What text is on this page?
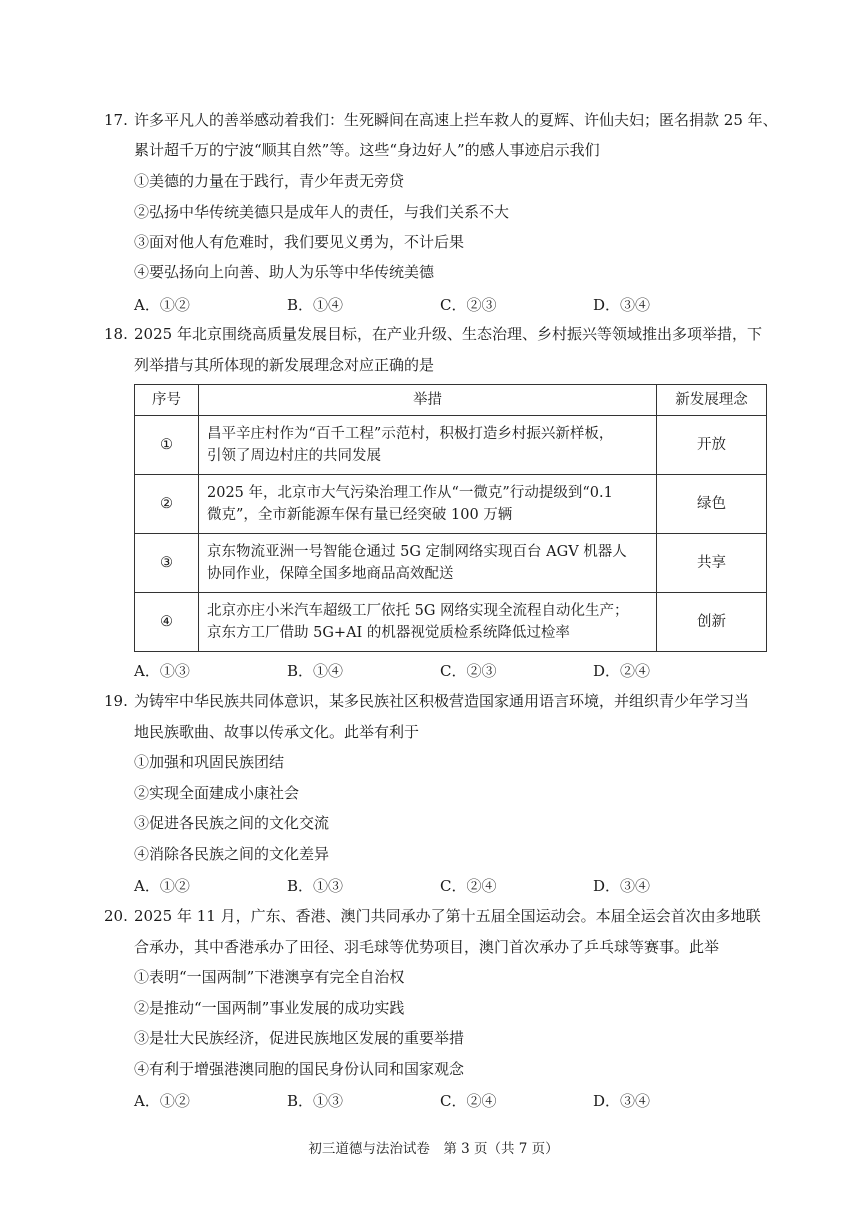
17. 许多平凡人的善举感动着我们：生死瞬间在高速上拦车救人的夏辉、许仙夫妇；匿名捐款 25 年、
累计超千万的宁波“顺其自然”等。这些“身边好人”的感人事迹启示我们
①美德的力量在于践行，青少年责无旁贷
②弘扬中华传统美德只是成年人的责任，与我们关系不大
③面对他人有危难时，我们要见义勇为，不计后果
④要弘扬向上向善、助人为乐等中华传统美德
A．①②	B．①④	C．②③	D．③④
18. 2025 年北京围绕高质量发展目标，在产业升级、生态治理、乡村振兴等领域推出多项举措，下
列举措与其所体现的新发展理念对应正确的是
序号	举措	新发展理念
①	昌平辛庄村作为“百千工程”示范村，积极打造乡村振兴新样板，
引领了周边村庄的共同发展	开放
②	2025 年，北京市大气污染治理工作从“一微克”行动提级到“0.1
微克”，全市新能源车保有量已经突破 100 万辆	绿色
③	京东物流亚洲一号智能仓通过 5G 定制网络实现百台 AGV 机器人
协同作业，保障全国多地商品高效配送	共享
④	北京亦庄小米汽车超级工厂依托 5G 网络实现全流程自动化生产；
京东方工厂借助 5G+AI 的机器视觉质检系统降低过检率	创新
A．①③	B．①④	C．②③	D．②④
19. 为铸牢中华民族共同体意识，某多民族社区积极营造国家通用语言环境，并组织青少年学习当
地民族歌曲、故事以传承文化。此举有利于
①加强和巩固民族团结
②实现全面建成小康社会
③促进各民族之间的文化交流
④消除各民族之间的文化差异
A．①②	B．①③	C．②④	D．③④
20. 2025 年 11 月，广东、香港、澳门共同承办了第十五届全国运动会。本届全运会首次由多地联
合承办，其中香港承办了田径、羽毛球等优势项目，澳门首次承办了乒乓球等赛事。此举
①表明“一国两制”下港澳享有完全自治权
②是推动“一国两制”事业发展的成功实践
③是壮大民族经济，促进民族地区发展的重要举措
④有利于增强港澳同胞的国民身份认同和国家观念
A．①②	B．①③	C．②④	D．③④
初三道德与法治试卷　第 3 页（共 7 页）
